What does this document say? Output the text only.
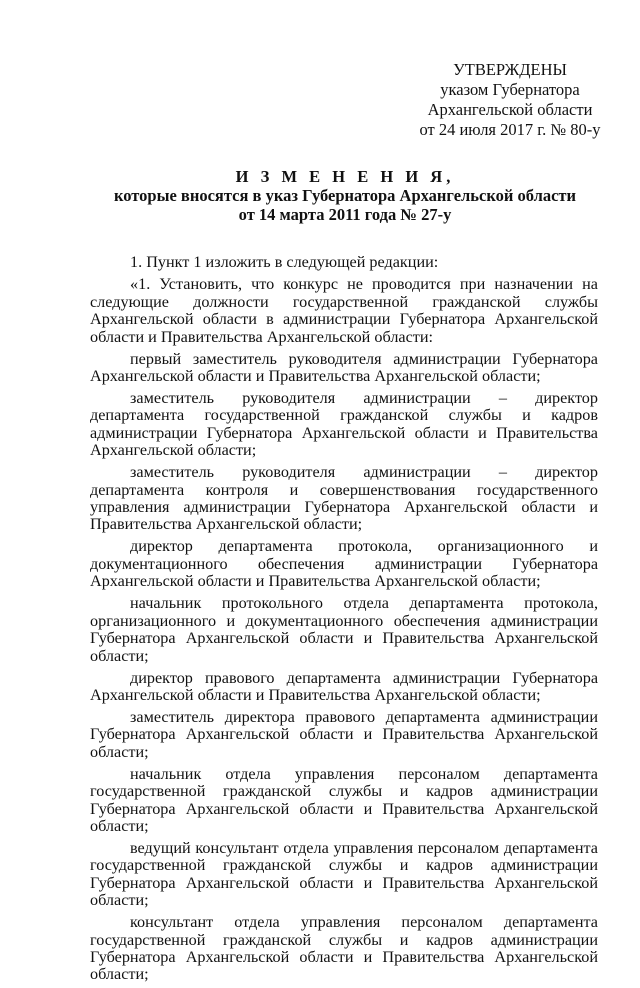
УТВЕРЖДЕНЫ
указом Губернатора
Архангельской области
от 24 июля 2017 г. № 80-у
И З М Е Н Е Н И Я,
которые вносятся в указ Губернатора Архангельской области
от 14 марта 2011 года № 27-у

1. Пункт 1 изложить в следующей редакции:

«1. Установить, что конкурс не проводится при назначении на следующие должности государственной гражданской службы Архангельской области в администрации Губернатора Архангельской области и Правительства Архангельской области:

первый заместитель руководителя администрации Губернатора Архангельской области и Правительства Архангельской области;

заместитель руководителя администрации – директор департамента государственной гражданской службы и кадров администрации Губернатора Архангельской области и Правительства Архангельской области;

заместитель руководителя администрации – директор департамента контроля и совершенствования государственного управления администрации Губернатора Архангельской области и Правительства Архангельской области;

директор департамента протокола, организационного и документационного обеспечения администрации Губернатора Архангельской области и Правительства Архангельской области;

начальник протокольного отдела департамента протокола, организационного и документационного обеспечения администрации Губернатора Архангельской области и Правительства Архангельской области;

директор правового департамента администрации Губернатора Архангельской области и Правительства Архангельской области;

заместитель директора правового департамента администрации Губернатора Архангельской области и Правительства Архангельской области;

начальник отдела управления персоналом департамента государственной гражданской службы и кадров администрации Губернатора Архангельской области и Правительства Архангельской области;

ведущий консультант отдела управления персоналом департамента государственной гражданской службы и кадров администрации Губернатора Архангельской области и Правительства Архангельской области;

консультант отдела управления персоналом департамента государственной гражданской службы и кадров администрации Губернатора Архангельской области и Правительства Архангельской области;
